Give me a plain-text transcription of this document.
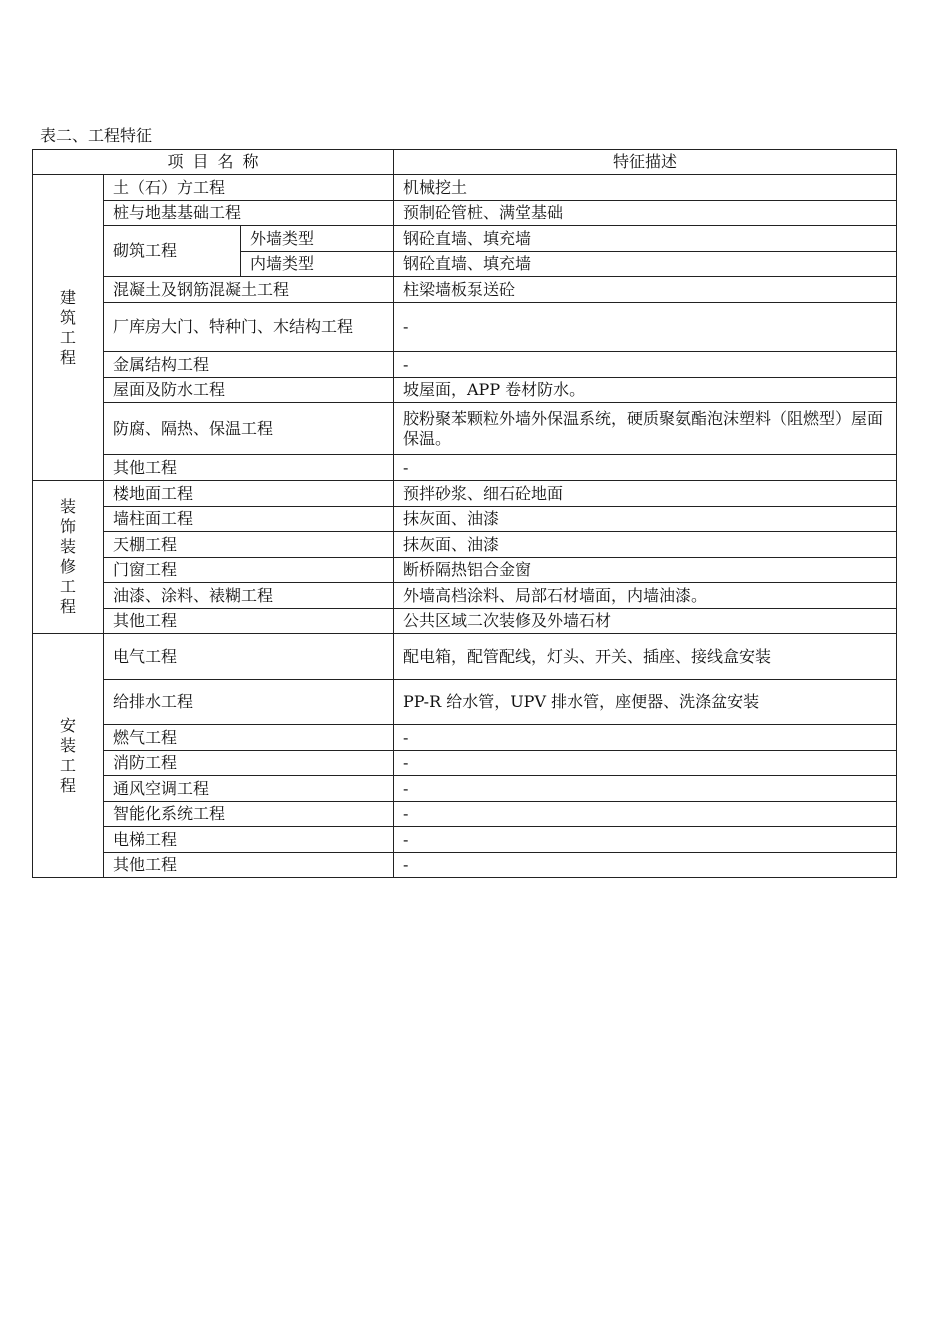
表二、工程特征
项目名称			特征描述

建筑工程	土（石）方工程		机械挖土
	桩与地基基础工程		预制砼管桩、满堂基础
	砌筑工程	外墙类型	钢砼直墙、填充墙
		内墙类型	钢砼直墙、填充墙
	混凝土及钢筋混凝土工程		柱梁墙板泵送砼
	厂库房大门、特种门、木结构工程		-
	金属结构工程		-
	屋面及防水工程		坡屋面，APP 卷材防水。
	防腐、隔热、保温工程		胶粉聚苯颗粒外墙外保温系统，硬质聚氨酯泡沫塑料（阻燃型）屋面保温。
	其他工程		-

装饰装修工程	楼地面工程		预拌砂浆、细石砼地面
	墙柱面工程		抹灰面、油漆
	天棚工程		抹灰面、油漆
	门窗工程		断桥隔热铝合金窗
	油漆、涂料、裱糊工程		外墙高档涂料、局部石材墙面，内墙油漆。
	其他工程		公共区域二次装修及外墙石材

安装工程	电气工程		配电箱，配管配线，灯头、开关、插座、接线盒安装
	给排水工程		PP-R 给水管，UPV 排水管，座便器、洗涤盆安装
	燃气工程		-
	消防工程		-
	通风空调工程		-
	智能化系统工程		-
	电梯工程		-
	其他工程		-
